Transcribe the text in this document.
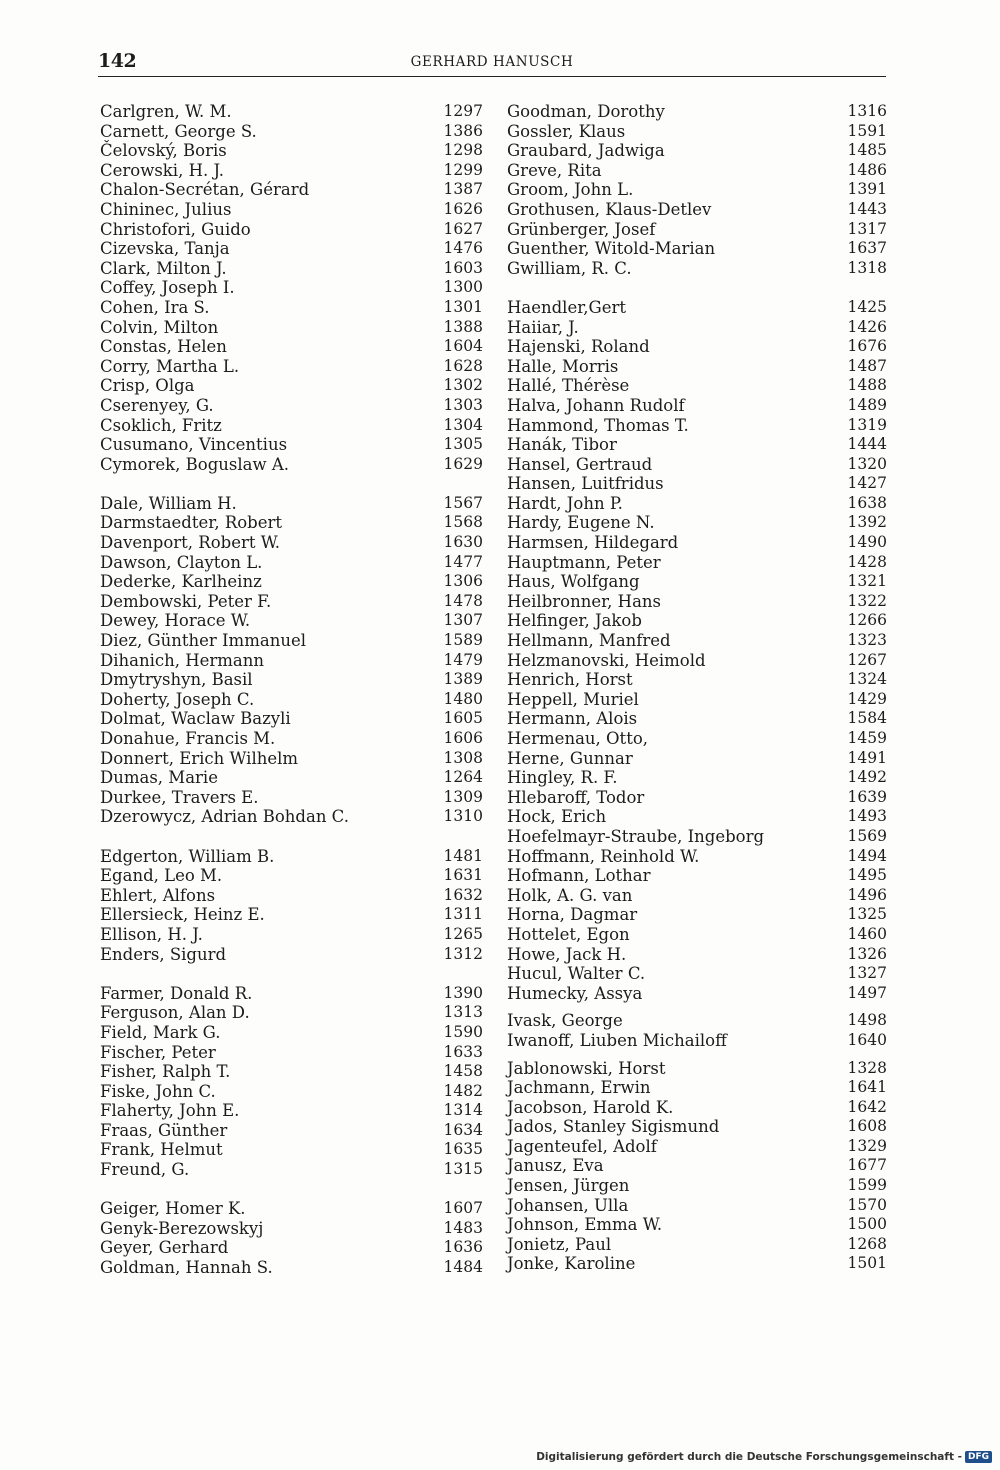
142	GERHARD HANUSCH
Carlgren, W. M.	1297
Carnett, George S.	1386
Čelovský, Boris	1298
Cerowski, H. J.	1299
Chalon-Secrétan, Gérard	1387
Chininec, Julius	1626
Christofori, Guido	1627
Cizevska, Tanja	1476
Clark, Milton J.	1603
Coffey, Joseph I.	1300
Cohen, Ira S.	1301
Colvin, Milton	1388
Constas, Helen	1604
Corry, Martha L.	1628
Crisp, Olga	1302
Cserenyey, G.	1303
Csoklich, Fritz	1304
Cusumano, Vincentius	1305
Cymorek, Boguslaw A.	1629
Dale, William H.	1567
Darmstaedter, Robert	1568
Davenport, Robert W.	1630
Dawson, Clayton L.	1477
Dederke, Karlheinz	1306
Dembowski, Peter F.	1478
Dewey, Horace W.	1307
Diez, Günther Immanuel	1589
Dihanich, Hermann	1479
Dmytryshyn, Basil	1389
Doherty, Joseph C.	1480
Dolmat, Waclaw Bazyli	1605
Donahue, Francis M.	1606
Donnert, Erich Wilhelm	1308
Dumas, Marie	1264
Durkee, Travers E.	1309
Dzerowycz, Adrian Bohdan C.	1310
Edgerton, William B.	1481
Egand, Leo M.	1631
Ehlert, Alfons	1632
Ellersieck, Heinz E.	1311
Ellison, H. J.	1265
Enders, Sigurd	1312
Farmer, Donald R.	1390
Ferguson, Alan D.	1313
Field, Mark G.	1590
Fischer, Peter	1633
Fisher, Ralph T.	1458
Fiske, John C.	1482
Flaherty, John E.	1314
Fraas, Günther	1634
Frank, Helmut	1635
Freund, G.	1315
Geiger, Homer K.	1607
Genyk-Berezowskyj	1483
Geyer, Gerhard	1636
Goldman, Hannah S.	1484
Goodman, Dorothy	1316
Gossler, Klaus	1591
Graubard, Jadwiga	1485
Greve, Rita	1486
Groom, John L.	1391
Grothusen, Klaus-Detlev	1443
Grünberger, Josef	1317
Guenther, Witold-Marian	1637
Gwilliam, R. C.	1318
Haendler,Gert	1425
Haiiar, J.	1426
Hajenski, Roland	1676
Halle, Morris	1487
Hallé, Thérèse	1488
Halva, Johann Rudolf	1489
Hammond, Thomas T.	1319
Hanák, Tibor	1444
Hansel, Gertraud	1320
Hansen, Luitfridus	1427
Hardt, John P.	1638
Hardy, Eugene N.	1392
Harmsen, Hildegard	1490
Hauptmann, Peter	1428
Haus, Wolfgang	1321
Heilbronner, Hans	1322
Helfinger, Jakob	1266
Hellmann, Manfred	1323
Helzmanovski, Heimold	1267
Henrich, Horst	1324
Heppell, Muriel	1429
Hermann, Alois	1584
Hermenau, Otto,	1459
Herne, Gunnar	1491
Hingley, R. F.	1492
Hlebaroff, Todor	1639
Hock, Erich	1493
Hoefelmayr-Straube, Ingeborg	1569
Hoffmann, Reinhold W.	1494
Hofmann, Lothar	1495
Holk, A. G. van	1496
Horna, Dagmar	1325
Hottelet, Egon	1460
Howe, Jack H.	1326
Hucul, Walter C.	1327
Humecky, Assya	1497
Ivask, George	1498
Iwanoff, Liuben Michailoff	1640
Jablonowski, Horst	1328
Jachmann, Erwin	1641
Jacobson, Harold K.	1642
Jados, Stanley Sigismund	1608
Jagenteufel, Adolf	1329
Janusz, Eva	1677
Jensen, Jürgen	1599
Johansen, Ulla	1570
Johnson, Emma W.	1500
Jonietz, Paul	1268
Jonke, Karoline	1501
Digitalisierung gefördert durch die Deutsche Forschungsgemeinschaft - DFG
